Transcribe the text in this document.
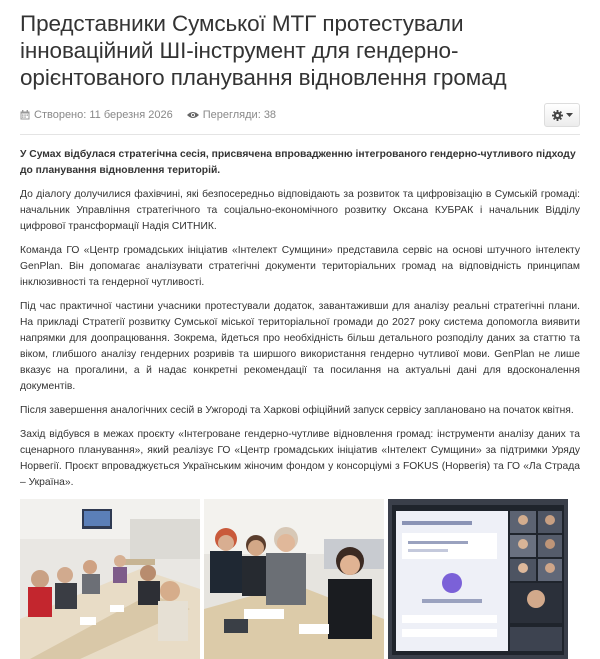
Представники Сумської МТГ протестували інноваційний ШІ-інструмент для гендерно-орієнтованого планування відновлення громад
Створено: 11 березня 2026	Перегляди: 38

У Сумах відбулася стратегічна сесія, присвячена впровадженню інтегрованого гендерно-чутливого підходу до планування відновлення територій.

До діалогу долучилися фахівчині, які безпосередньо відповідають за розвиток та цифровізацію в Сумській громаді: начальник Управління стратегічного та соціально-економічного розвитку Оксана КУБРАК і начальник Відділу цифрової трансформації Надія СИТНИК.

Команда ГО «Центр громадських ініціатив «Інтелект Сумщини» представила сервіс на основі штучного інтелекту GenPlan. Він допомагає аналізувати стратегічні документи територіальних громад на відповідність принципам інклюзивності та гендерної чутливості.

Під час практичної частини учасники протестували додаток, завантаживши для аналізу реальні стратегічні плани. На прикладі Стратегії розвитку Сумської міської територіальної громади до 2027 року система допомогла виявити напрямки для доопрацювання. Зокрема, йдеться про необхідність більш детального розподілу даних за статтю та віком, глибшого аналізу гендерних розривів та ширшого використання гендерно чутливої мови. GenPlan не лише вказує на прогалини, а й надає конкретні рекомендації та посилання на актуальні дані для вдосконалення документів.

Після завершення аналогічних сесій в Ужгороді та Харкові офіційний запуск сервісу заплановано на початок квітня.

Захід відбувся в межах проєкту «Інтегроване гендерно-чутливе відновлення громад: інструменти аналізу даних та сценарного планування», який реалізує ГО «Центр громадських ініціатив «Інтелект Сумщини» за підтримки Уряду Норвегії. Проєкт впроваджується Українським жіночим фондом у консорціумі з FOKUS (Норвегія) та ГО «Ла Страда – Україна».
